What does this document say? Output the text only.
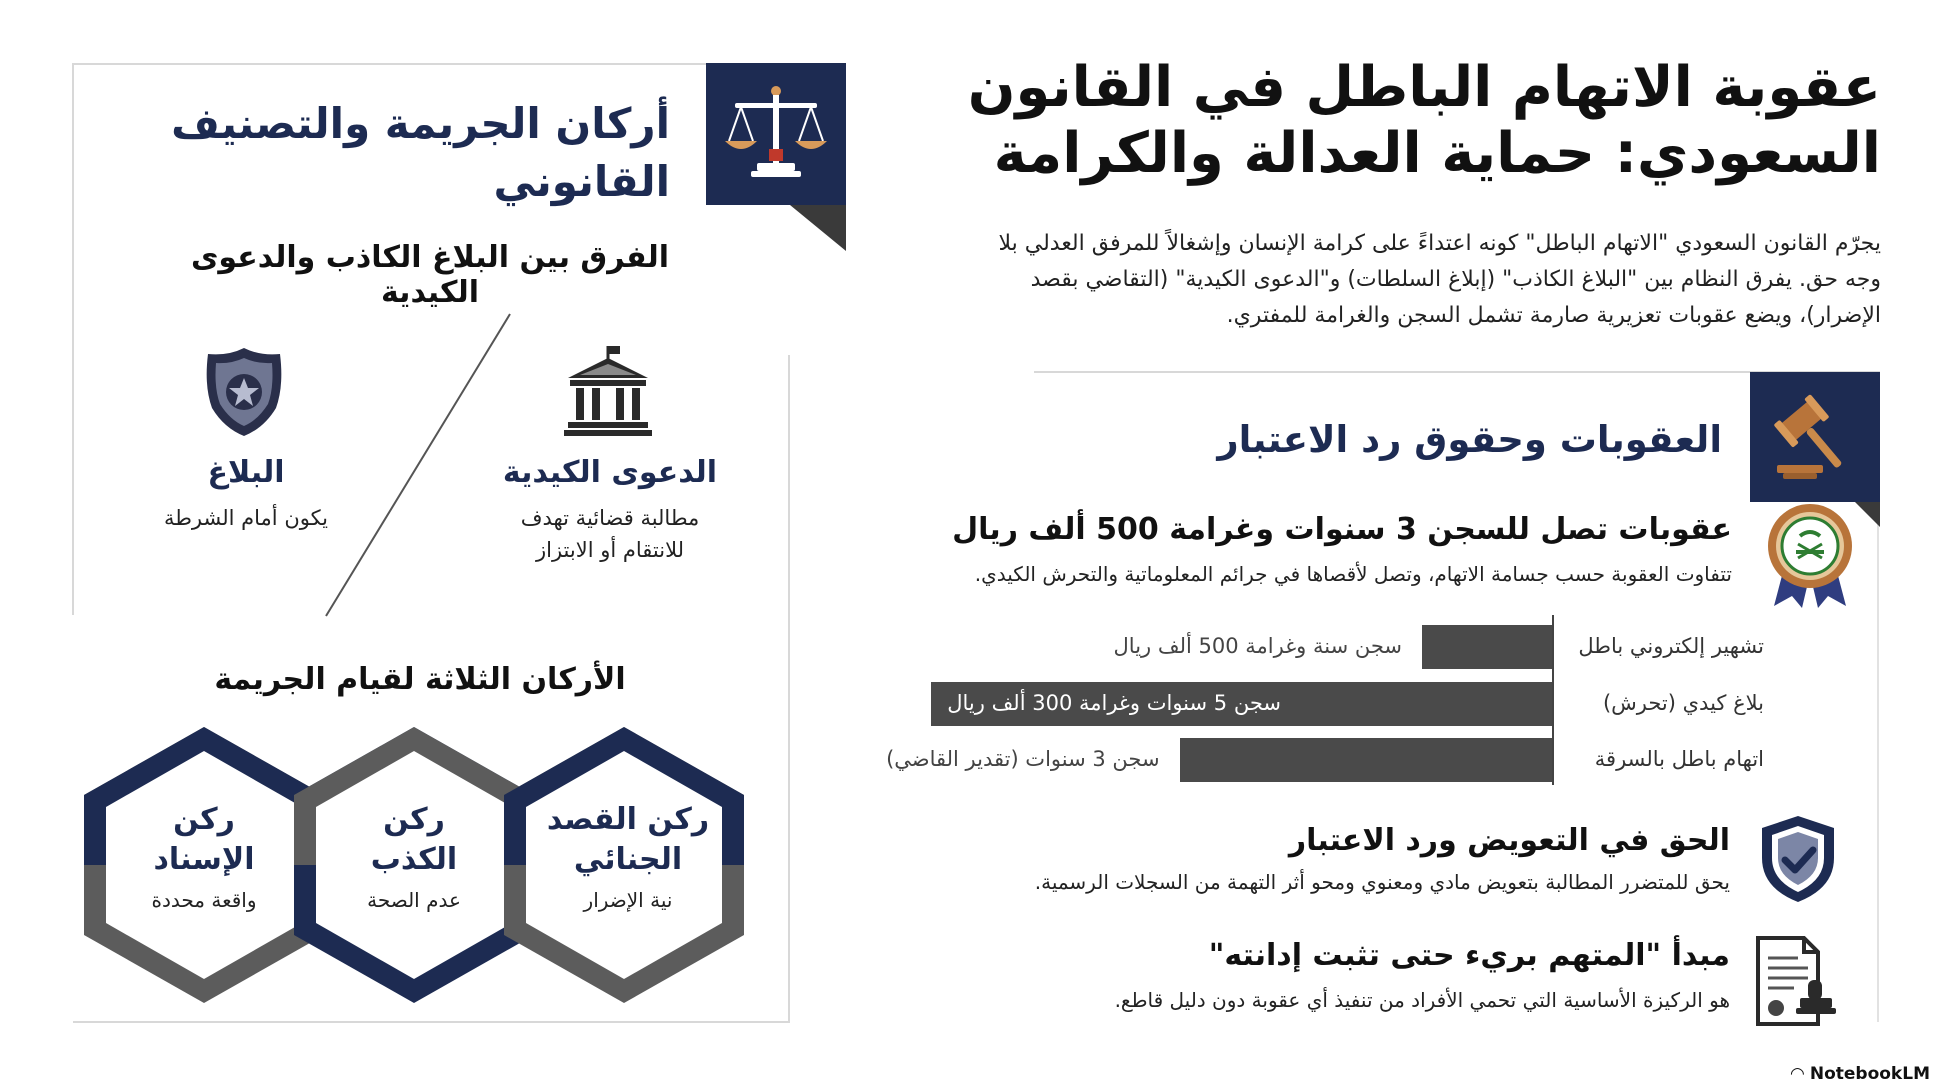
عقوبة الاتهام الباطل في القانون
السعودي: حماية العدالة والكرامة
يجرّم القانون السعودي "الاتهام الباطل" كونه اعتداءً على كرامة الإنسان وإشغالاً للمرفق العدلي بلا
وجه حق. يفرق النظام بين "البلاغ الكاذب" (إبلاغ السلطات) و"الدعوى الكيدية" (التقاضي بقصد
الإضرار)، ويضع عقوبات تعزيرية صارمة تشمل السجن والغرامة للمفتري.
العقوبات وحقوق رد الاعتبار
عقوبات تصل للسجن 3 سنوات وغرامة 500 ألف ريال
تتفاوت العقوبة حسب جسامة الاتهام، وتصل لأقصاها في جرائم المعلوماتية والتحرش الكيدي.
تشهير إلكتروني باطل
سجن سنة وغرامة 500 ألف ريال
بلاغ كيدي (تحرش)
سجن 5 سنوات وغرامة 300 ألف ريال
اتهام باطل بالسرقة
سجن 3 سنوات (تقدير القاضي)
الحق في التعويض ورد الاعتبار
يحق للمتضرر المطالبة بتعويض مادي ومعنوي ومحو أثر التهمة من السجلات الرسمية.
مبدأ "المتهم بريء حتى تثبت إدانته"
هو الركيزة الأساسية التي تحمي الأفراد من تنفيذ أي عقوبة دون دليل قاطع.
أركان الجريمة والتصنيف
القانوني
الفرق بين البلاغ الكاذب والدعوى الكيدية
الدعوى الكيدية
مطالبة قضائية تهدف
للانتقام أو الابتزاز
البلاغ
يكون أمام الشرطة
الأركان الثلاثة لقيام الجريمة
ركن القصد
الجنائي
نية الإضرار
ركن
الكذب
عدم الصحة
ركن
الإسناد
واقعة محددة
◠ NotebookLM
